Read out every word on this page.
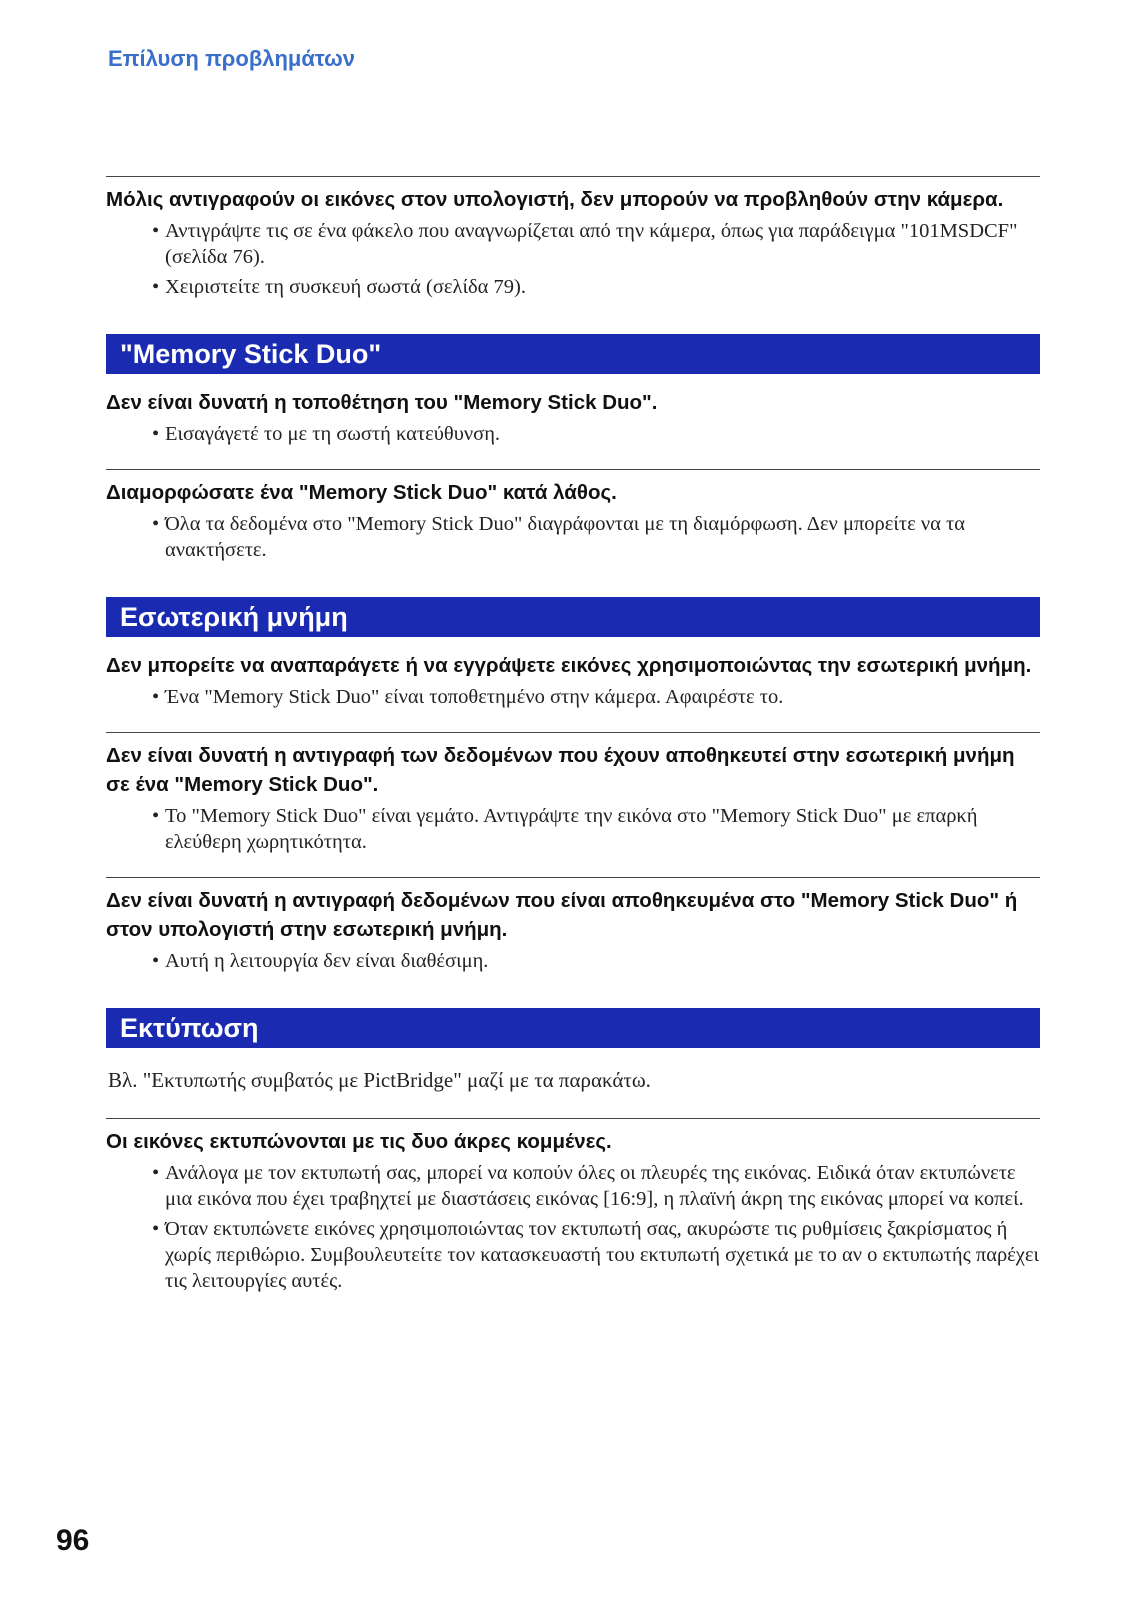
Επίλυση προβλημάτων

Μόλις αντιγραφούν οι εικόνες στον υπολογιστή, δεν μπορούν να προβληθούν στην κάμερα.

• Αντιγράψτε τις σε ένα φάκελο που αναγνωρίζεται από την κάμερα, όπως για παράδειγμα "101MSDCF" (σελίδα 76).
• Χειριστείτε τη συσκευή σωστά (σελίδα 79).
"Memory Stick Duo"

Δεν είναι δυνατή η τοποθέτηση του "Memory Stick Duo".

• Εισαγάγετέ το με τη σωστή κατεύθυνση.

Διαμορφώσατε ένα "Memory Stick Duo" κατά λάθος.

• Όλα τα δεδομένα στο "Memory Stick Duo" διαγράφονται με τη διαμόρφωση. Δεν μπορείτε να τα ανακτήσετε.
Εσωτερική μνήμη

Δεν μπορείτε να αναπαράγετε ή να εγγράψετε εικόνες χρησιμοποιώντας την εσωτερική μνήμη.

• Ένα "Memory Stick Duo" είναι τοποθετημένο στην κάμερα. Αφαιρέστε το.

Δεν είναι δυνατή η αντιγραφή των δεδομένων που έχουν αποθηκευτεί στην εσωτερική μνήμη σε ένα "Memory Stick Duo".

• Το "Memory Stick Duo" είναι γεμάτο. Αντιγράψτε την εικόνα στο "Memory Stick Duo" με επαρκή ελεύθερη χωρητικότητα.

Δεν είναι δυνατή η αντιγραφή δεδομένων που είναι αποθηκευμένα στο "Memory Stick Duo" ή στον υπολογιστή στην εσωτερική μνήμη.

• Αυτή η λειτουργία δεν είναι διαθέσιμη.
Εκτύπωση

Βλ. "Εκτυπωτής συμβατός με PictBridge" μαζί με τα παρακάτω.

Οι εικόνες εκτυπώνονται με τις δυο άκρες κομμένες.

• Ανάλογα με τον εκτυπωτή σας, μπορεί να κοπούν όλες οι πλευρές της εικόνας. Ειδικά όταν εκτυπώνετε μια εικόνα που έχει τραβηχτεί με διαστάσεις εικόνας [16:9], η πλαϊνή άκρη της εικόνας μπορεί να κοπεί.
• Όταν εκτυπώνετε εικόνες χρησιμοποιώντας τον εκτυπωτή σας, ακυρώστε τις ρυθμίσεις ξακρίσματος ή χωρίς περιθώριο. Συμβουλευτείτε τον κατασκευαστή του εκτυπωτή σχετικά με το αν ο εκτυπωτής παρέχει τις λειτουργίες αυτές.
96
